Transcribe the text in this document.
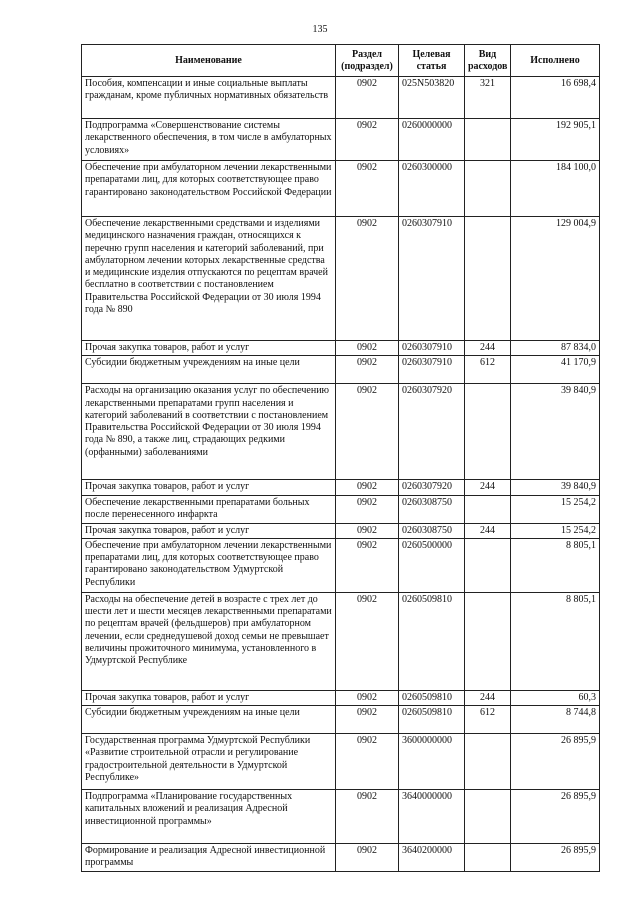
135
Наименование	Раздел (подраздел)	Целевая статья	Вид расходов	Исполнено
Пособия, компенсации и иные социальные выплаты гражданам, кроме публичных нормативных обязательств	0902	025N503820	321	16 698,4
Подпрограмма «Совершенствование системы лекарственного обеспечения, в том числе в амбулаторных условиях»	0902	0260000000		192 905,1
Обеспечение при амбулаторном лечении лекарственными препаратами лиц, для которых соответствующее право гарантировано законодательством Российской Федерации	0902	0260300000		184 100,0
Обеспечение лекарственными средствами и изделиями медицинского назначения граждан, относящихся к перечню групп населения и категорий заболеваний, при амбулаторном лечении которых лекарственные средства и медицинские изделия отпускаются по рецептам врачей бесплатно в соответствии с постановлением Правительства Российской Федерации от 30 июля 1994 года № 890	0902	0260307910		129 004,9
Прочая закупка товаров, работ и услуг	0902	0260307910	244	87 834,0
Субсидии бюджетным учреждениям на иные цели	0902	0260307910	612	41 170,9
Расходы на организацию оказания услуг по обеспечению лекарственными препаратами групп населения и категорий заболеваний в соответствии с постановлением Правительства Российской Федерации от 30 июля 1994 года № 890, а также лиц, страдающих редкими (орфанными) заболеваниями	0902	0260307920		39 840,9
Прочая закупка товаров, работ и услуг	0902	0260307920	244	39 840,9
Обеспечение лекарственными препаратами больных после перенесенного инфаркта	0902	0260308750		15 254,2
Прочая закупка товаров, работ и услуг	0902	0260308750	244	15 254,2
Обеспечение при амбулаторном лечении лекарственными препаратами лиц, для которых соответствующее право гарантировано законодательством Удмуртской Республики	0902	0260500000		8 805,1
Расходы на обеспечение детей в возрасте с трех лет до шести лет и шести месяцев лекарственными препаратами по рецептам врачей (фельдшеров) при амбулаторном лечении, если среднедушевой доход семьи не превышает величины прожиточного минимума, установленного в Удмуртской Республике	0902	0260509810		8 805,1
Прочая закупка товаров, работ и услуг	0902	0260509810	244	60,3
Субсидии бюджетным учреждениям на иные цели	0902	0260509810	612	8 744,8
Государственная программа Удмуртской Республики «Развитие строительной отрасли и регулирование градостроительной деятельности в Удмуртской Республике»	0902	3600000000		26 895,9
Подпрограмма «Планирование государственных капитальных вложений и реализация Адресной инвестиционной программы»	0902	3640000000		26 895,9
Формирование и реализация Адресной инвестиционной программы	0902	3640200000		26 895,9
